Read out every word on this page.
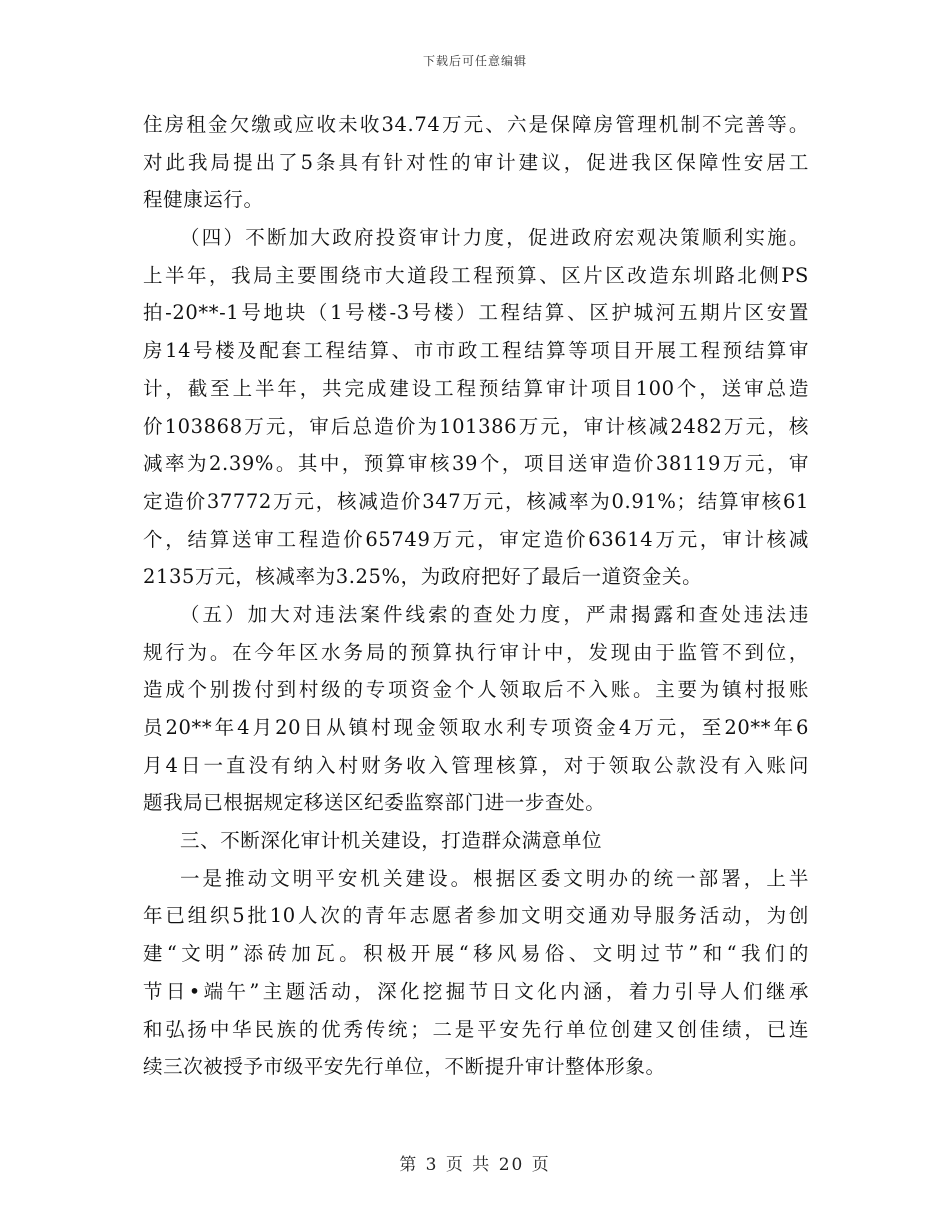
下载后可任意编辑
住房租金欠缴或应收未收34.74万元、六是保障房管理机制不完善等。
对此我局提出了5条具有针对性的审计建议，促进我区保障性安居工
程健康运行。
（四）不断加大政府投资审计力度，促进政府宏观决策顺利实施。
上半年，我局主要围绕市大道段工程预算、区片区改造东圳路北侧PS
拍-20**-1号地块（1号楼-3号楼）工程结算、区护城河五期片区安置
房14号楼及配套工程结算、市市政工程结算等项目开展工程预结算审
计，截至上半年，共完成建设工程预结算审计项目100个，送审总造
价103868万元，审后总造价为101386万元，审计核减2482万元，核
减率为2.39%。其中，预算审核39个，项目送审造价38119万元，审
定造价37772万元，核减造价347万元，核减率为0.91%；结算审核61
个，结算送审工程造价65749万元，审定造价63614万元，审计核减
2135万元，核减率为3.25%，为政府把好了最后一道资金关。
（五）加大对违法案件线索的查处力度，严肃揭露和查处违法违
规行为。在今年区水务局的预算执行审计中，发现由于监管不到位，
造成个别拨付到村级的专项资金个人领取后不入账。主要为镇村报账
员20**年4月20日从镇村现金领取水利专项资金4万元，至20**年6
月4日一直没有纳入村财务收入管理核算，对于领取公款没有入账问
题我局已根据规定移送区纪委监察部门进一步查处。
三、不断深化审计机关建设，打造群众满意单位
一是推动文明平安机关建设。根据区委文明办的统一部署，上半
年已组织5批10人次的青年志愿者参加文明交通劝导服务活动，为创
建“文明”添砖加瓦。积极开展“移风易俗、文明过节”和“我们的
节日•端午”主题活动，深化挖掘节日文化内涵，着力引导人们继承
和弘扬中华民族的优秀传统；二是平安先行单位创建又创佳绩，已连
续三次被授予市级平安先行单位，不断提升审计整体形象。
第 3 页 共 20 页
